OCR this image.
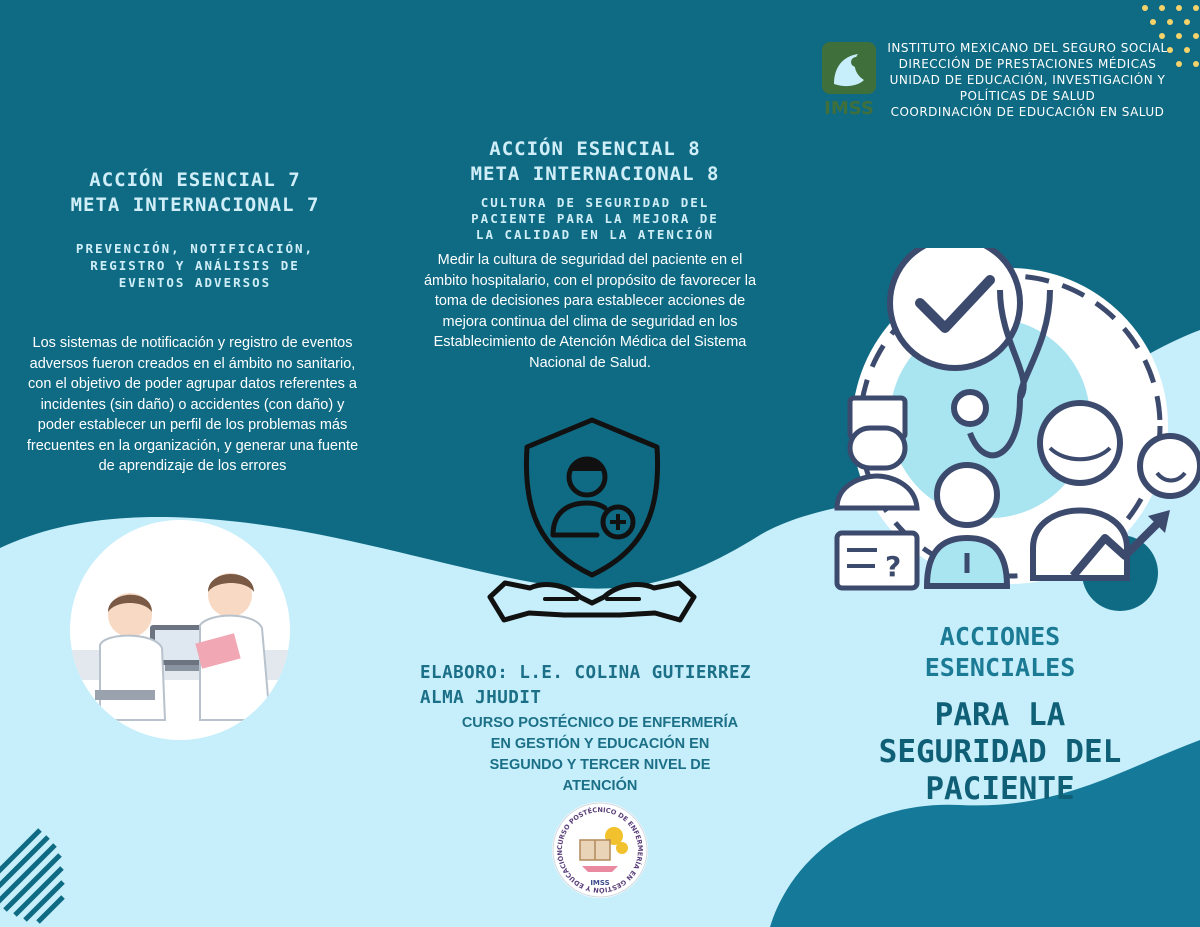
IMSS
INSTITUTO MEXICANO DEL SEGURO SOCIAL
DIRECCIÓN DE PRESTACIONES MÉDICAS
UNIDAD DE EDUCACIÓN, INVESTIGACIÓN Y
POLÍTICAS DE SALUD
COORDINACIÓN DE EDUCACIÓN EN SALUD
ACCIÓN ESENCIAL 7
META INTERNACIONAL 7
PREVENCIÓN, NOTIFICACIÓN,
REGISTRO Y ANÁLISIS DE
EVENTOS ADVERSOS
Los sistemas de notificación y registro de eventos
adversos fueron creados en el ámbito no sanitario,
con el objetivo de poder agrupar datos referentes a
incidentes (sin daño) o accidentes (con daño) y
poder establecer un perfil de los problemas más
frecuentes en la organización, y generar una fuente
de aprendizaje de los errores
ACCIÓN ESENCIAL 8
META INTERNACIONAL 8
CULTURA DE SEGURIDAD DEL
PACIENTE PARA LA MEJORA DE
LA CALIDAD EN LA ATENCIÓN
Medir la cultura de seguridad del paciente en el
ámbito hospitalario, con el propósito de favorecer la
toma de decisiones para establecer acciones de
mejora continua del clima de seguridad en los
Establecimiento de Atención Médica del Sistema
Nacional de Salud.
ELABORO: L.E. COLINA GUTIERREZ
ALMA JHUDIT
CURSO POSTÉCNICO DE ENFERMERÍA
EN GESTIÓN Y EDUCACIÓN EN
SEGUNDO Y TERCER NIVEL DE
ATENCIÓN
CURSO POSTÉCNICO DE ENFERMERÍA EN GESTIÓN Y EDUCACIÓN
IMSS
?
ACCIONES
ESENCIALES
PARA LA
SEGURIDAD DEL
PACIENTE
